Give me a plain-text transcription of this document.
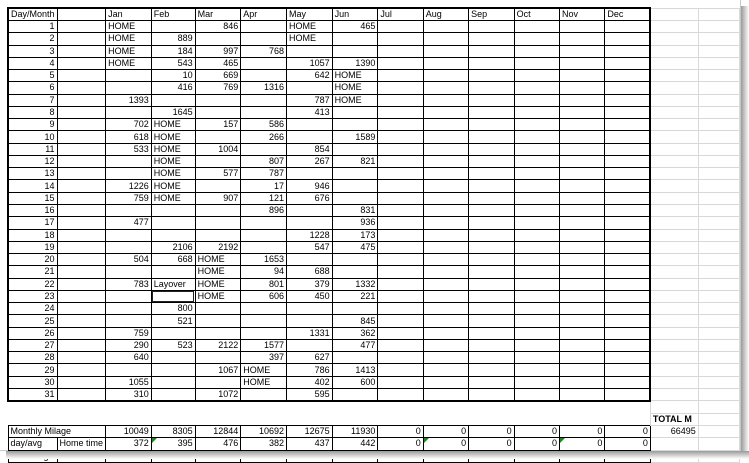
Day/Month		Jan	Feb	Mar	Apr	May	Jun	Jul	Aug	Sep	Oct	Nov	Dec		
1		HOME		846		HOME	465								
2		HOME	889			HOME									
3		HOME	184	997	768										
4		HOME	543	465		1057	1390								
5			10	669		642	HOME								
6			416	769	1316		HOME								
7		1393				787	HOME								
8			1645			413									
9		702	HOME	157	586										
10		618	HOME		266		1589								
11		533	HOME	1004		854									
12			HOME		807	267	821								
13			HOME	577	787										
14		1226	HOME		17	946									
15		759	HOME	907	121	676									
16					896		831								
17		477					936								
18						1228	173								
19			2106	2192		547	475								
20		504	668	HOME	1653										
21				HOME	94	688									
22		783	Layover	HOME	801	379	1332								
23				HOME	606	450	221								
24			800												
25			521				845								
26		759				1331	362								
27		290	523	2122	1577		477								
28		640			397	627									
29				1067	HOME	786	1413								
30		1055			HOME	402	600								
31		310		1072		595									

														TOTAL M	
Monthly Milage		10049	8305	12844	10692	12675	11930	0	0	0	0	0	0	66495	
day/avg	Home time	372	395	476	382	437	442	0	0	0	0	0	0		
